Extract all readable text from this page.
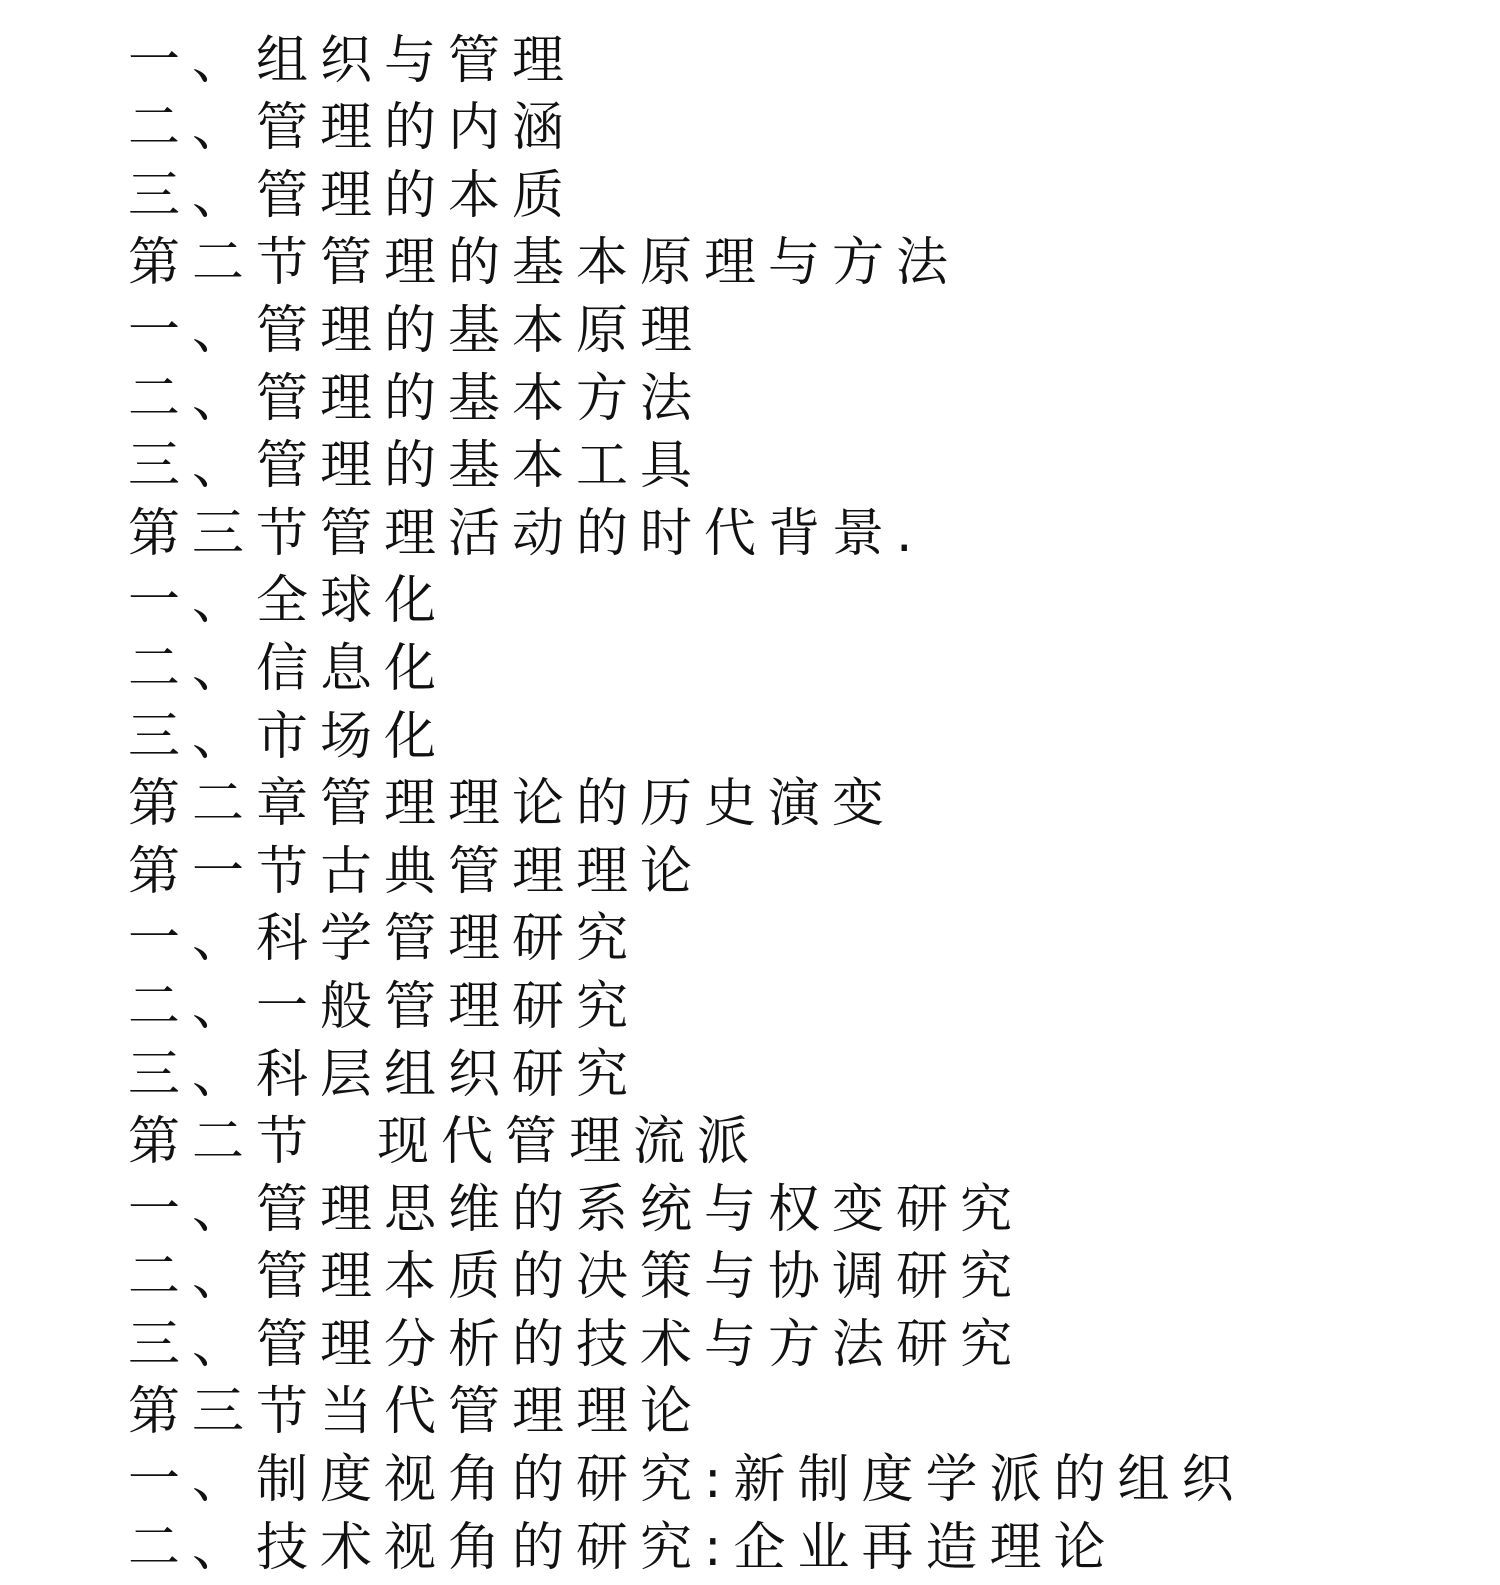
一、组织与管理
二、管理的内涵
三、管理的本质
第二节管理的基本原理与方法
一、管理的基本原理
二、管理的基本方法
三、管理的基本工具
第三节管理活动的时代背景.
一、全球化
二、信息化
三、市场化
第二章管理理论的历史演变
第一节古典管理理论
一、科学管理研究
二、一般管理研究
三、科层组织研究
第二节  现代管理流派
一、管理思维的系统与权变研究
二、管理本质的决策与协调研究
三、管理分析的技术与方法研究
第三节当代管理理论
一、制度视角的研究:新制度学派的组织
二、技术视角的研究:企业再造理论
